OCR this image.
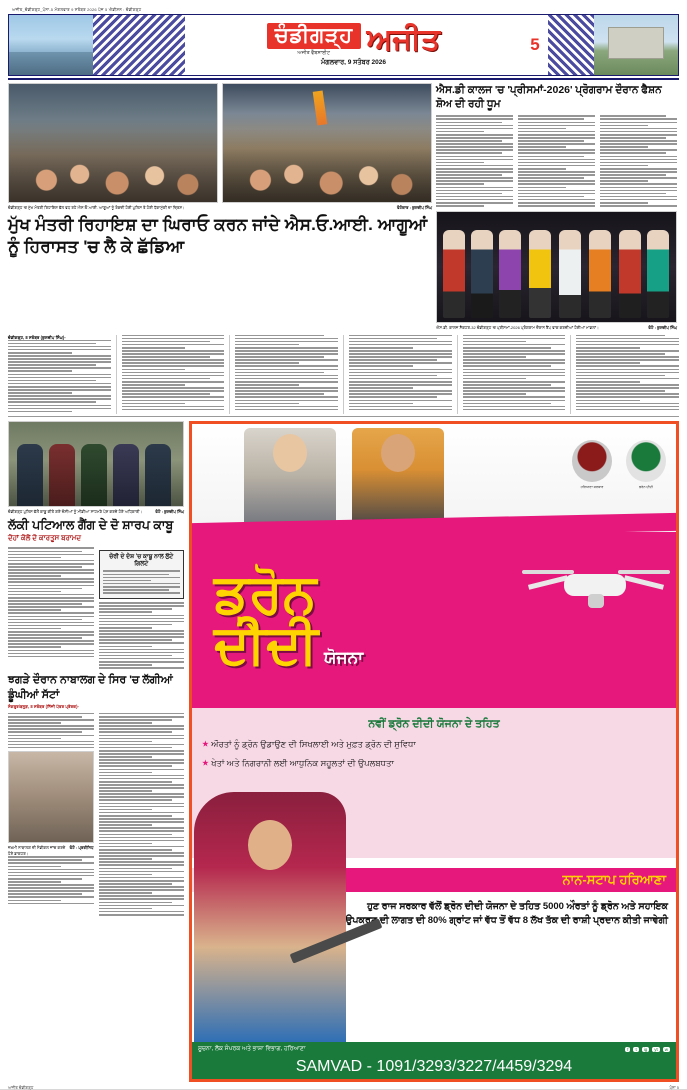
ਅਜੀਤ_ਚੰਡੀਗੜ੍ਹ_ਪੰਨਾ-5 ਮੰਗਲਵਾਰ 9 ਸਤੰਬਰ 2026 ਪੇਜ 5 ਐਡੀਸ਼ਨ : ਚੰਡੀਗੜ੍ਹ
ਚੰਡੀਗੜ੍ਹ
ਅਜੀਤ ਵੈੱਬਸਾਈਟ	ਅਜੀਤ
ਮੰਗਲਵਾਰ, 9 ਸਤੰਬਰ 2026
5
ਫੋਟੋਕਾਰ : ਕੁਲਦੀਪ ਸਿੰਘ
ਚੰਡੀਗੜ੍ਹ 'ਚ ਮੁੱਖ ਮੰਤਰੀ ਰਿਹਾਇਸ਼ ਵੱਲ ਵਧ ਰਹੇ ਐਸ.ਓ.ਆਈ. ਆਗੂਆਂ ਨੂੰ ਰੋਕਦੀ ਹੋਈ ਪੁਲਿਸ ਤੇ ਹੋਈ ਧੱਕਾਮੁੱਕੀ ਦਾ ਦ੍ਰਿਸ਼।
ਮੁੱਖ ਮੰਤਰੀ ਰਿਹਾਇਸ਼ ਦਾ ਘਿਰਾਓ ਕਰਨ ਜਾਂਦੇ ਐਸ.ਓ.ਆਈ. ਆਗੂਆਂ ਨੂੰ ਹਿਰਾਸਤ 'ਚ ਲੈ ਕੇ ਛੱਡਿਆ
ਐਸ.ਡੀ ਕਾਲਜ 'ਚ 'ਪ੍ਰੀਸਮਾਂ-2026' ਪ੍ਰੋਗਰਾਮ ਦੌਰਾਨ ਫੈਸ਼ਨ ਸ਼ੋਅ ਦੀ ਰਹੀ ਧੂਮ
ਫੋਟੋ : ਕੁਲਦੀਪ ਸਿੰਘ
ਐਸ.ਡੀ. ਕਾਲਜ ਸੈਕਟਰ-32 ਚੰਡੀਗੜ੍ਹ 'ਚ ਪ੍ਰੀਸਮਾਂ-2026 ਪ੍ਰੋਗਰਾਮ ਦੌਰਾਨ ਰੈਂਪ ਵਾਕ ਕਰਦੀਆਂ ਹੋਈਆਂ ਮਾਡਲਾਂ।
ਚੰਡੀਗੜ੍ਹ, 8 ਸਤੰਬਰ (ਕੁਲਦੀਪ ਸਿੰਘ)-
ਫੋਟੋ : ਕੁਲਦੀਪ ਸਿੰਘ
ਚੰਡੀਗੜ੍ਹ ਪੁਲਿਸ ਵੱਲੋਂ ਕਾਬੂ ਕੀਤੇ ਗਏ ਦੋਸ਼ੀਆਂ ਨੂੰ ਮੀਡੀਆ ਸਾਹਮਣੇ ਪੇਸ਼ ਕਰਦੇ ਹੋਏ ਅਧਿਕਾਰੀ।
ਲੱਕੀ ਪਟਿਆਲ ਗੈਂਗ ਦੇ ਦੋ ਸ਼ਾਰਪ ਕਾਬੂ
ਦੋਹਾਂ ਕੋਲੋਂ ਦੋ ਕਾਰਤੂਸ ਬਰਾਮਦ
ਚੋਰੀ ਦੇ ਦੋਸ਼ 'ਚ ਕਾਬੂ ਨਾਲ ਲੁੱਟੇ ਗਿਲਟੇ
ਝਗੜੇ ਦੌਰਾਨ ਨਾਬਾਲਗ ਦੇ ਸਿਰ 'ਚ ਲੱਗੀਆਂ ਡੂੰਘੀਆਂ ਸੱਟਾਂ
ਸੰਗਰੂਰ/ਬਨੂੜ, 8 ਸਤੰਬਰ (ਨਿੱਜੀ ਪੱਤਰ ਪ੍ਰੇਰਕ)-
ਫੋਟੋ : ਪ੍ਰਤੀਨਿਧ
ਜ਼ਖ਼ਮੀ ਨਾਬਾਲਗ ਦੀ ਮੈਡੀਕਲ ਜਾਂਚ ਕਰਦੇ ਹੋਏ ਡਾਕਟਰ।
ਹਰਿਆਣਾ ਸਰਕਾਰ	ਡਰੋਨ ਦੀਦੀ
ਡ੍ਰੋਨ
ਦੀਦੀ ਯੋਜਨਾ
ਨਵੀਂ ਡ੍ਰੋਨ ਦੀਦੀ ਯੋਜਨਾ ਦੇ ਤਹਿਤ
★ ਔਰਤਾਂ ਨੂੰ ਡ੍ਰੋਨ ਉਡਾਉਣ ਦੀ ਸਿਖਲਾਈ ਅਤੇ ਮੁਫ਼ਤ ਡ੍ਰੋਨ ਦੀ ਸੁਵਿਧਾ
★ ਖੇਤਾਂ ਅਤੇ ਨਿਗਰਾਨੀ ਲਈ ਆਧੁਨਿਕ ਸਹੂਲਤਾਂ ਦੀ ਉਪਲਬਧਤਾ
ਨਾਨ-ਸਟਾਪ ਹਰਿਆਣਾ
ਹੁਣ ਰਾਜ ਸਰਕਾਰ ਵੱਲੋਂ ਡ੍ਰੋਨ ਦੀਦੀ ਯੋਜਨਾ ਦੇ ਤਹਿਤ 5000 ਔਰਤਾਂ ਨੂੰ ਡ੍ਰੋਨ ਅਤੇ ਸਹਾਇਕ ਉਪਕਰਣ ਦੀ ਲਾਗਤ ਦੀ 80% ਗ੍ਰਾਂਟ ਜਾਂ ਵੱਧ ਤੋਂ ਵੱਧ 8 ਲੱਖ ਤੱਕ ਦੀ ਰਾਸ਼ੀ ਪ੍ਰਦਾਨ ਕੀਤੀ ਜਾਵੇਗੀ
ਸੂਚਨਾ, ਲੋਕ ਸੰਪਰਕ ਅਤੇ ਭਾਸ਼ਾ ਵਿਭਾਗ, ਹਰਿਆਣਾ	f	t	ig	yt	w
SAMVAD - 1091/3293/3227/4459/3294
ਅਜੀਤ ਚੰਡੀਗੜ੍ਹ	ਪੰਨਾ 5
